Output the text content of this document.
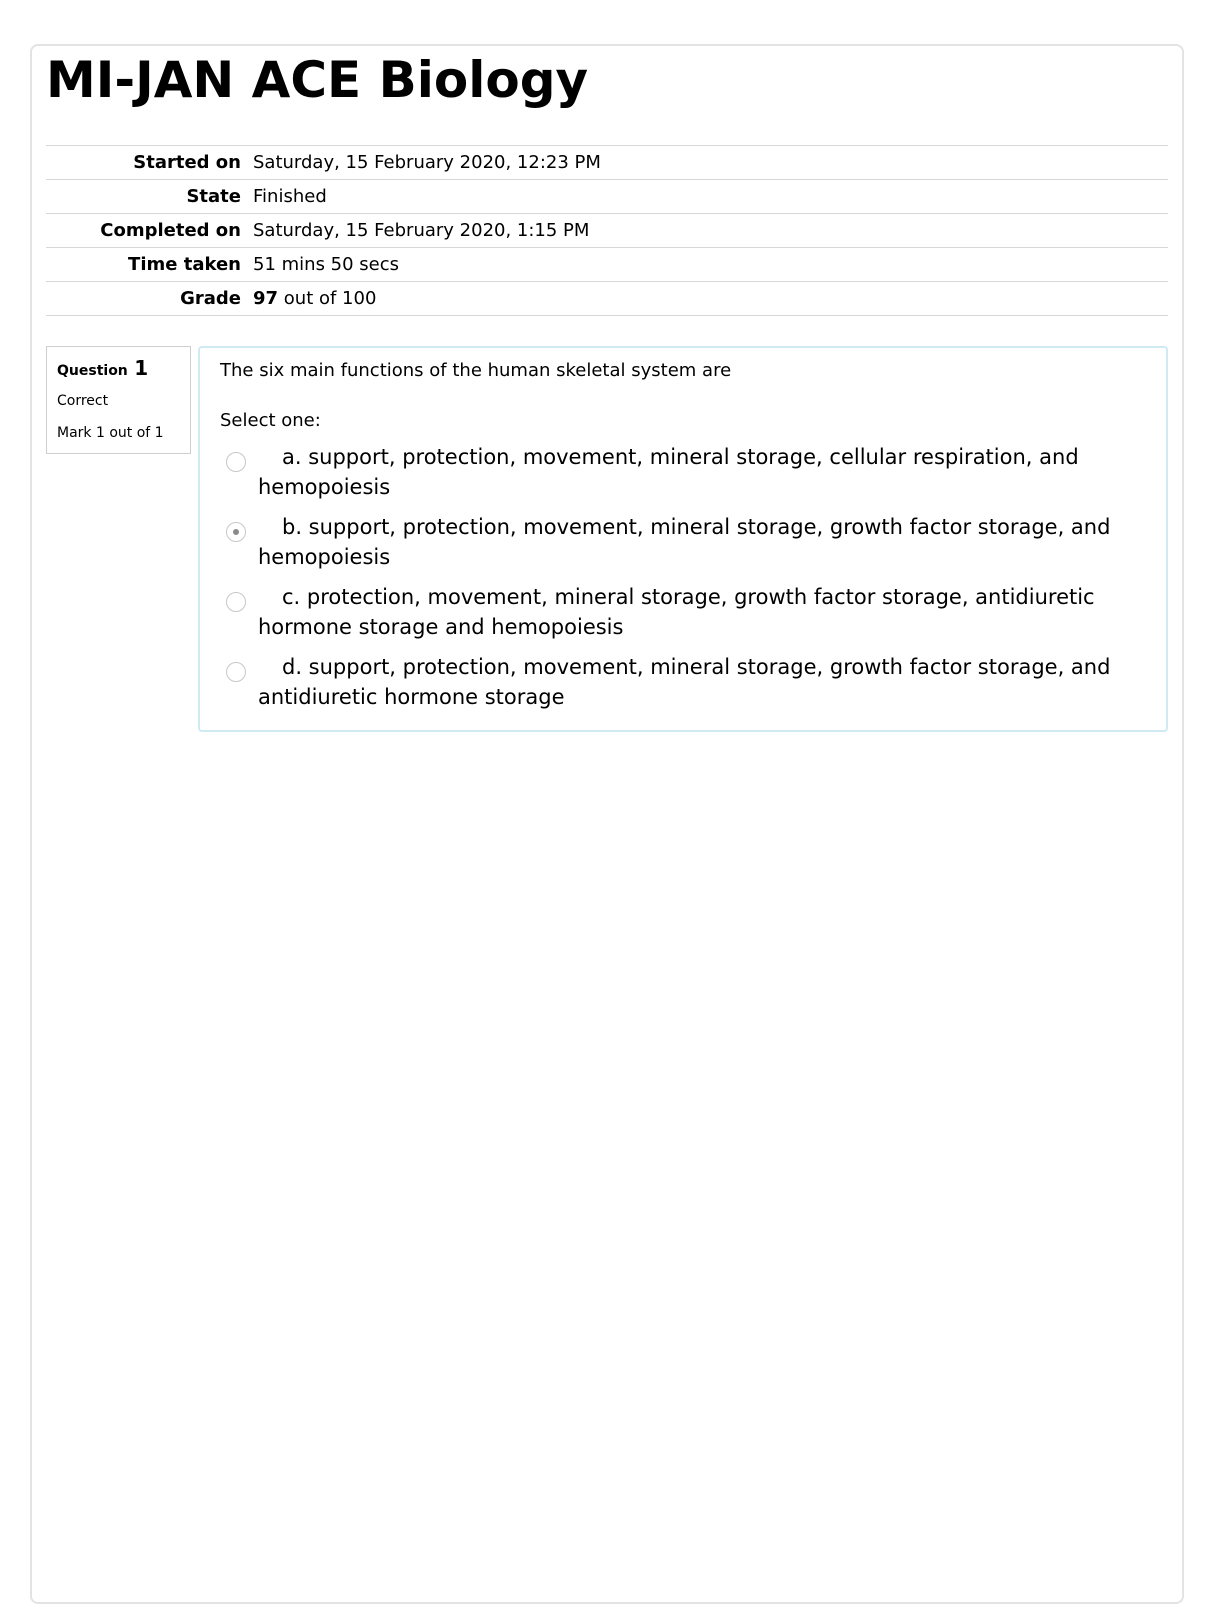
MI-JAN ACE Biology
Started on	Saturday, 15 February 2020, 12:23 PM
State	Finished
Completed on	Saturday, 15 February 2020, 1:15 PM
Time taken	51 mins 50 secs
Grade	97 out of 100
Question 1
Correct
Mark 1 out of 1
The six main functions of the human skeletal system are
Select one:
a. support, protection, movement, mineral storage, cellular respiration, and hemopoiesis
b. support, protection, movement, mineral storage, growth factor storage, and hemopoiesis
c. protection, movement, mineral storage, growth factor storage, antidiuretic hormone storage and hemopoiesis
d. support, protection, movement, mineral storage, growth factor storage, and antidiuretic hormone storage
